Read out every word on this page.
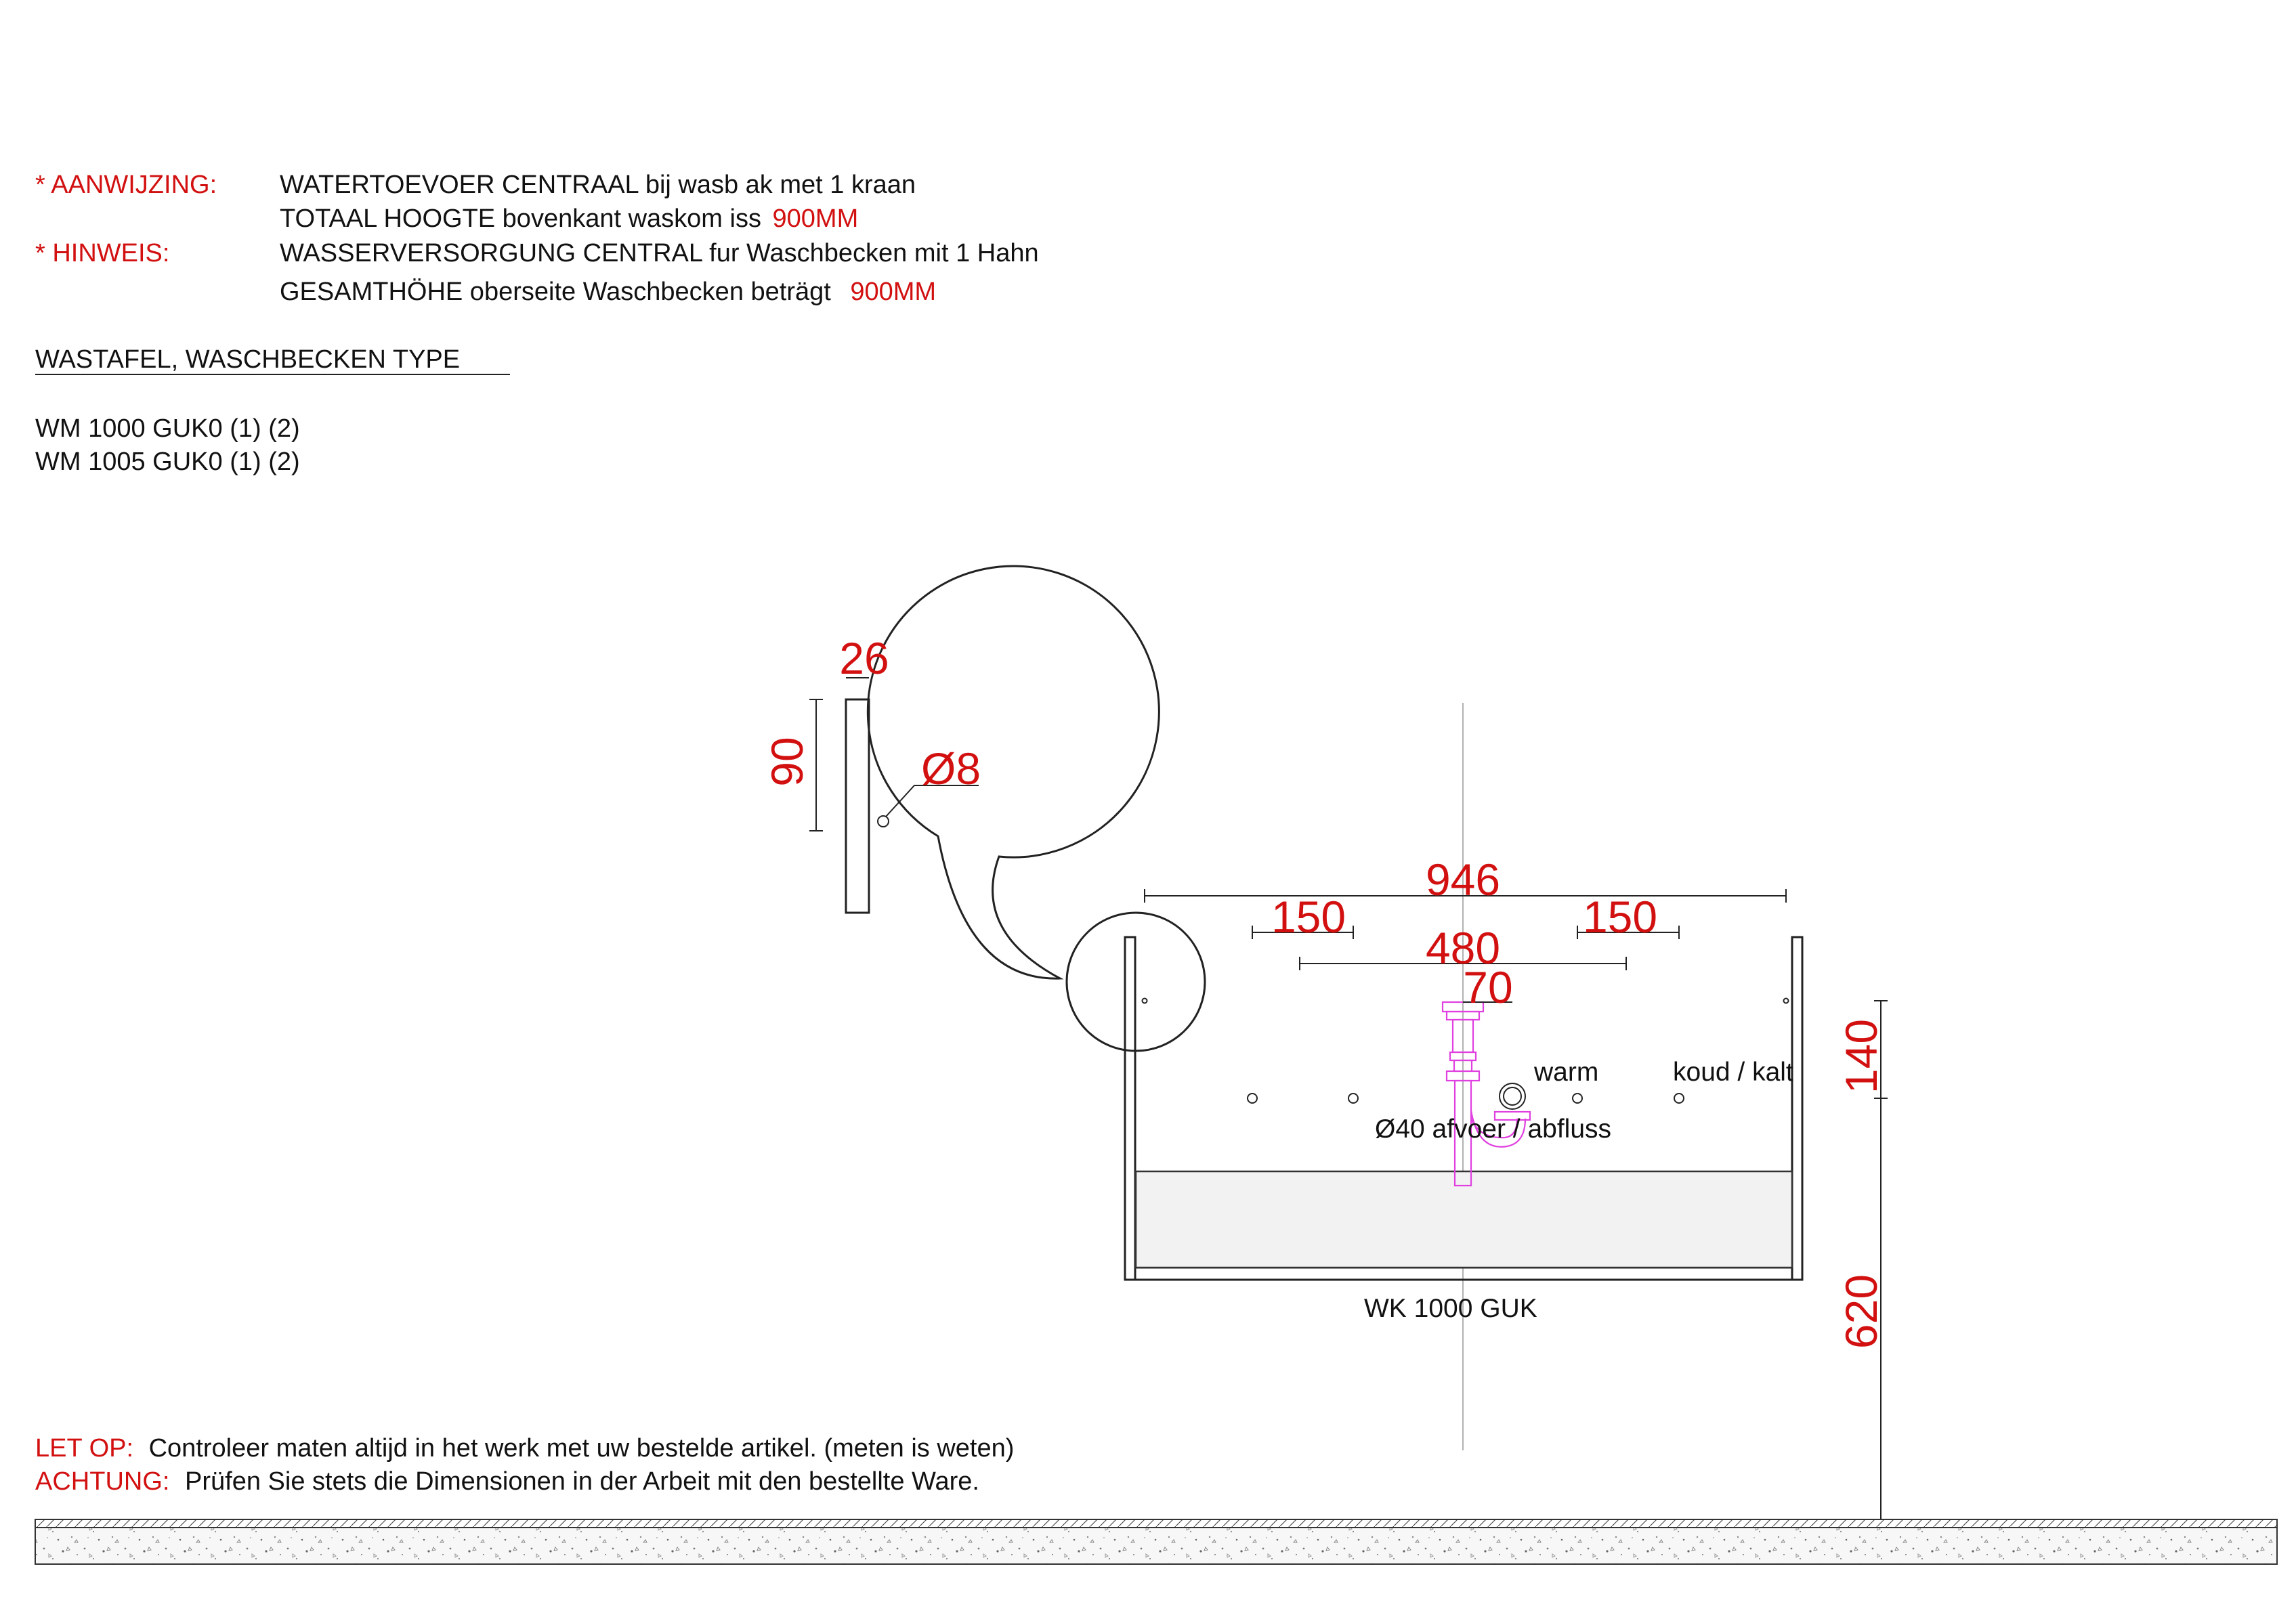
* AANWIJZING: WATERTOEVOER CENTRAAL bij wasb ak met 1 kraan
TOTAAL HOOGTE bovenkant waskom iss 900MM
* HINWEIS:	WASSERVERSORGUNG CENTRAL fur Waschbecken mit 1 Hahn
GESAMTHÖHE oberseite Waschbecken beträgt 900MM
WASTAFEL, WASCHBECKEN TYPE
WM 1000 GUK0 (1) (2)
WM 1005 GUK0 (1) (2)
26
90 Ø8
946
150	150
480
70
140
620
warm	koud / kalt
Ø40 afvoer / abfluss
WK 1000 GUK
LET OP: Controleer maten altijd in het werk met uw bestelde artikel. (meten is weten)
ACHTUNG: Prüfen Sie stets die Dimensionen in der Arbeit mit den bestellte Ware.
